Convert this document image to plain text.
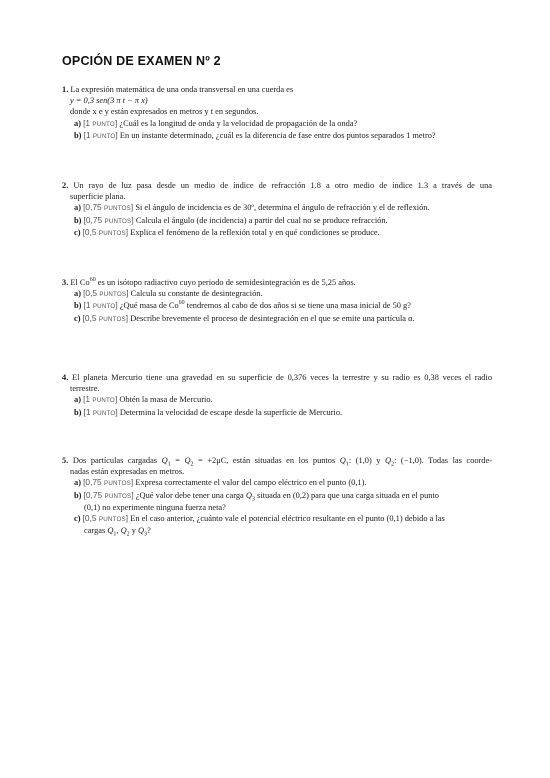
OPCIÓN DE EXAMEN Nº 2
1. La expresión matemática de una onda transversal en una cuerda es
y = 0,3 sen(3 π t − π x)
donde x e y están expresados en metros y t en segundos.
a) [1 PUNTO] ¿Cuál es la longitud de onda y la velocidad de propagación de la onda?
b) [1 PUNTO] En un instante determinado, ¿cuál es la diferencia de fase entre dos puntos separados 1 metro?
2. Un rayo de luz pasa desde un medio de índice de refracción 1.8 a otro medio de índice 1.3 a través de una
superficie plana.
a) [0,75 PUNTOS] Si el ángulo de incidencia es de 30º, determina el ángulo de refracción y el de reflexión.
b) [0,75 PUNTOS] Calcula el ángulo (de incidencia) a partir del cual no se produce refracción.
c) [0,5 PUNTOS] Explica el fenómeno de la reflexión total y en qué condiciones se produce.
3. El Co$^{60}$ es un isótopo radiactivo cuyo periodo de semidesintegración es de 5,25 años.
a) [0,5 PUNTOS] Calcula su constante de desintegración.
b) [1 PUNTO] ¿Qué masa de Co$^{60}$ tendremos al cabo de dos años si se tiene una masa inicial de 50 g?
c) [0,5 PUNTOS] Describe brevemente el proceso de desintegración en el que se emite una partícula α.
4. El planeta Mercurio tiene una gravedad en su superficie de 0,376 veces la terrestre y su radio es 0,38 veces el radio
terrestre.
a) [1 PUNTO] Obtén la masa de Mercurio.
b) [1 PUNTO] Determina la velocidad de escape desde la superficie de Mercurio.
5. Dos partículas cargadas $Q_1 = Q_2 = +2\mu C$, están situadas en los puntos $Q_1$: (1,0) y $Q_2$: (−1,0). Todas las coorde-
nadas están expresadas en metros.
a) [0,75 PUNTOS] Expresa correctamente el valor del campo eléctrico en el punto (0,1).
b) [0,75 PUNTOS] ¿Qué valor debe tener una carga $Q_3$ situada en (0,2) para que una carga situada en el punto
(0,1) no experimente ninguna fuerza neta?
c) [0,5 PUNTOS] En el caso anterior, ¿cuánto vale el potencial eléctrico resultante en el punto (0,1) debido a las
cargas $Q_1$, $Q_2$ y $Q_3$?
